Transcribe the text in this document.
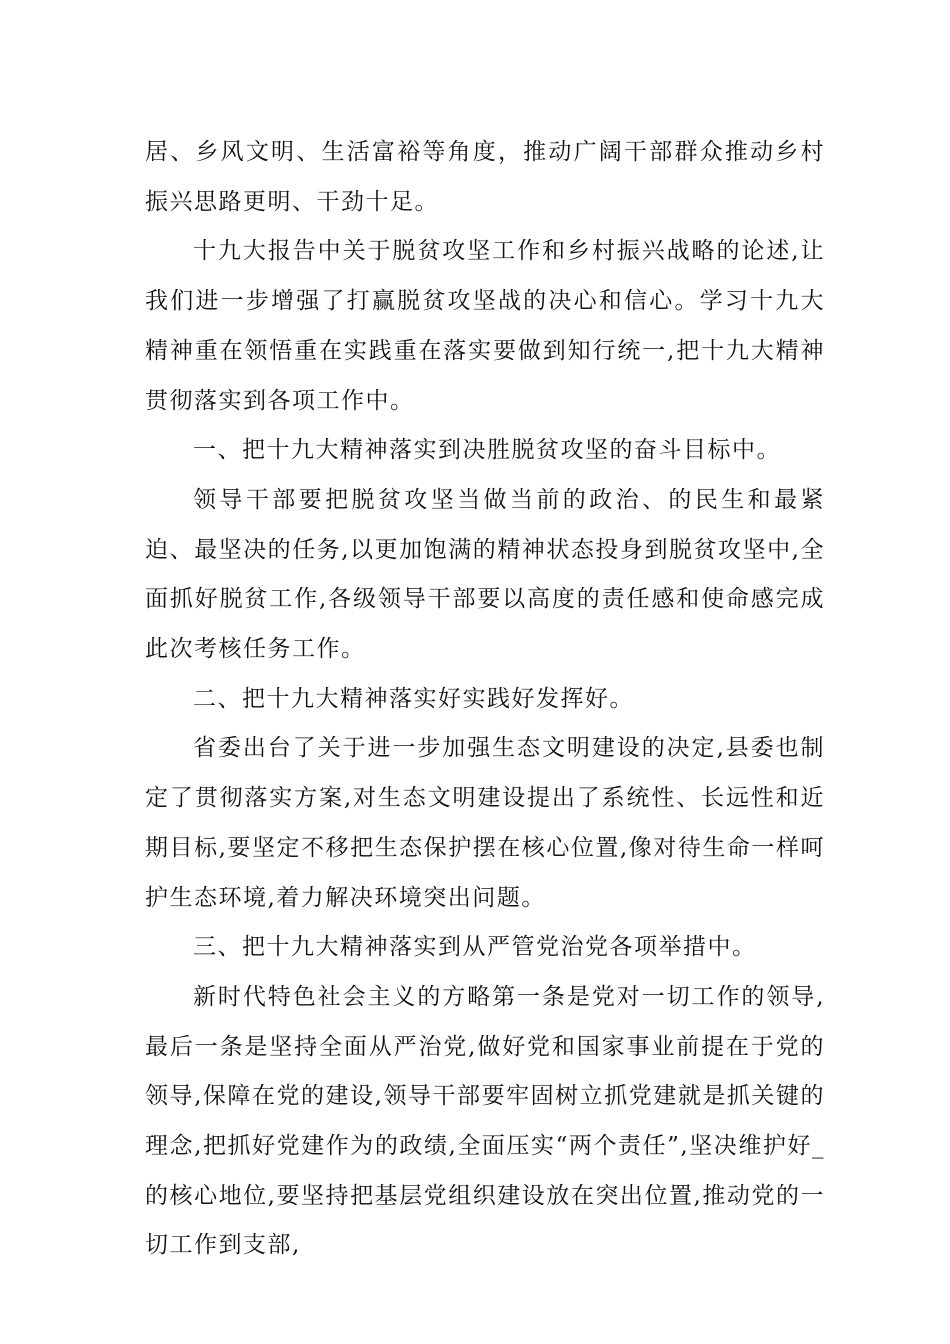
居、乡风文明、生活富裕等角度，推动广阔干部群众推动乡村振兴思路更明、干劲十足。

十九大报告中关于脱贫攻坚工作和乡村振兴战略的论述,让我们进一步增强了打赢脱贫攻坚战的决心和信心。学习十九大精神重在领悟重在实践重在落实要做到知行统一,把十九大精神贯彻落实到各项工作中。

一、把十九大精神落实到决胜脱贫攻坚的奋斗目标中。

领导干部要把脱贫攻坚当做当前的政治、的民生和最紧迫、最坚决的任务,以更加饱满的精神状态投身到脱贫攻坚中,全面抓好脱贫工作,各级领导干部要以高度的责任感和使命感完成此次考核任务工作。

二、把十九大精神落实好实践好发挥好。

省委出台了关于进一步加强生态文明建设的决定,县委也制定了贯彻落实方案,对生态文明建设提出了系统性、长远性和近期目标,要坚定不移把生态保护摆在核心位置,像对待生命一样呵护生态环境,着力解决环境突出问题。

三、把十九大精神落实到从严管党治党各项举措中。

新时代特色社会主义的方略第一条是党对一切工作的领导,最后一条是坚持全面从严治党,做好党和国家事业前提在于党的领导,保障在党的建设,领导干部要牢固树立抓党建就是抓关键的理念,把抓好党建作为的政绩,全面压实“两个责任”,坚决维护好_的核心地位,要坚持把基层党组织建设放在突出位置,推动党的一切工作到支部,
